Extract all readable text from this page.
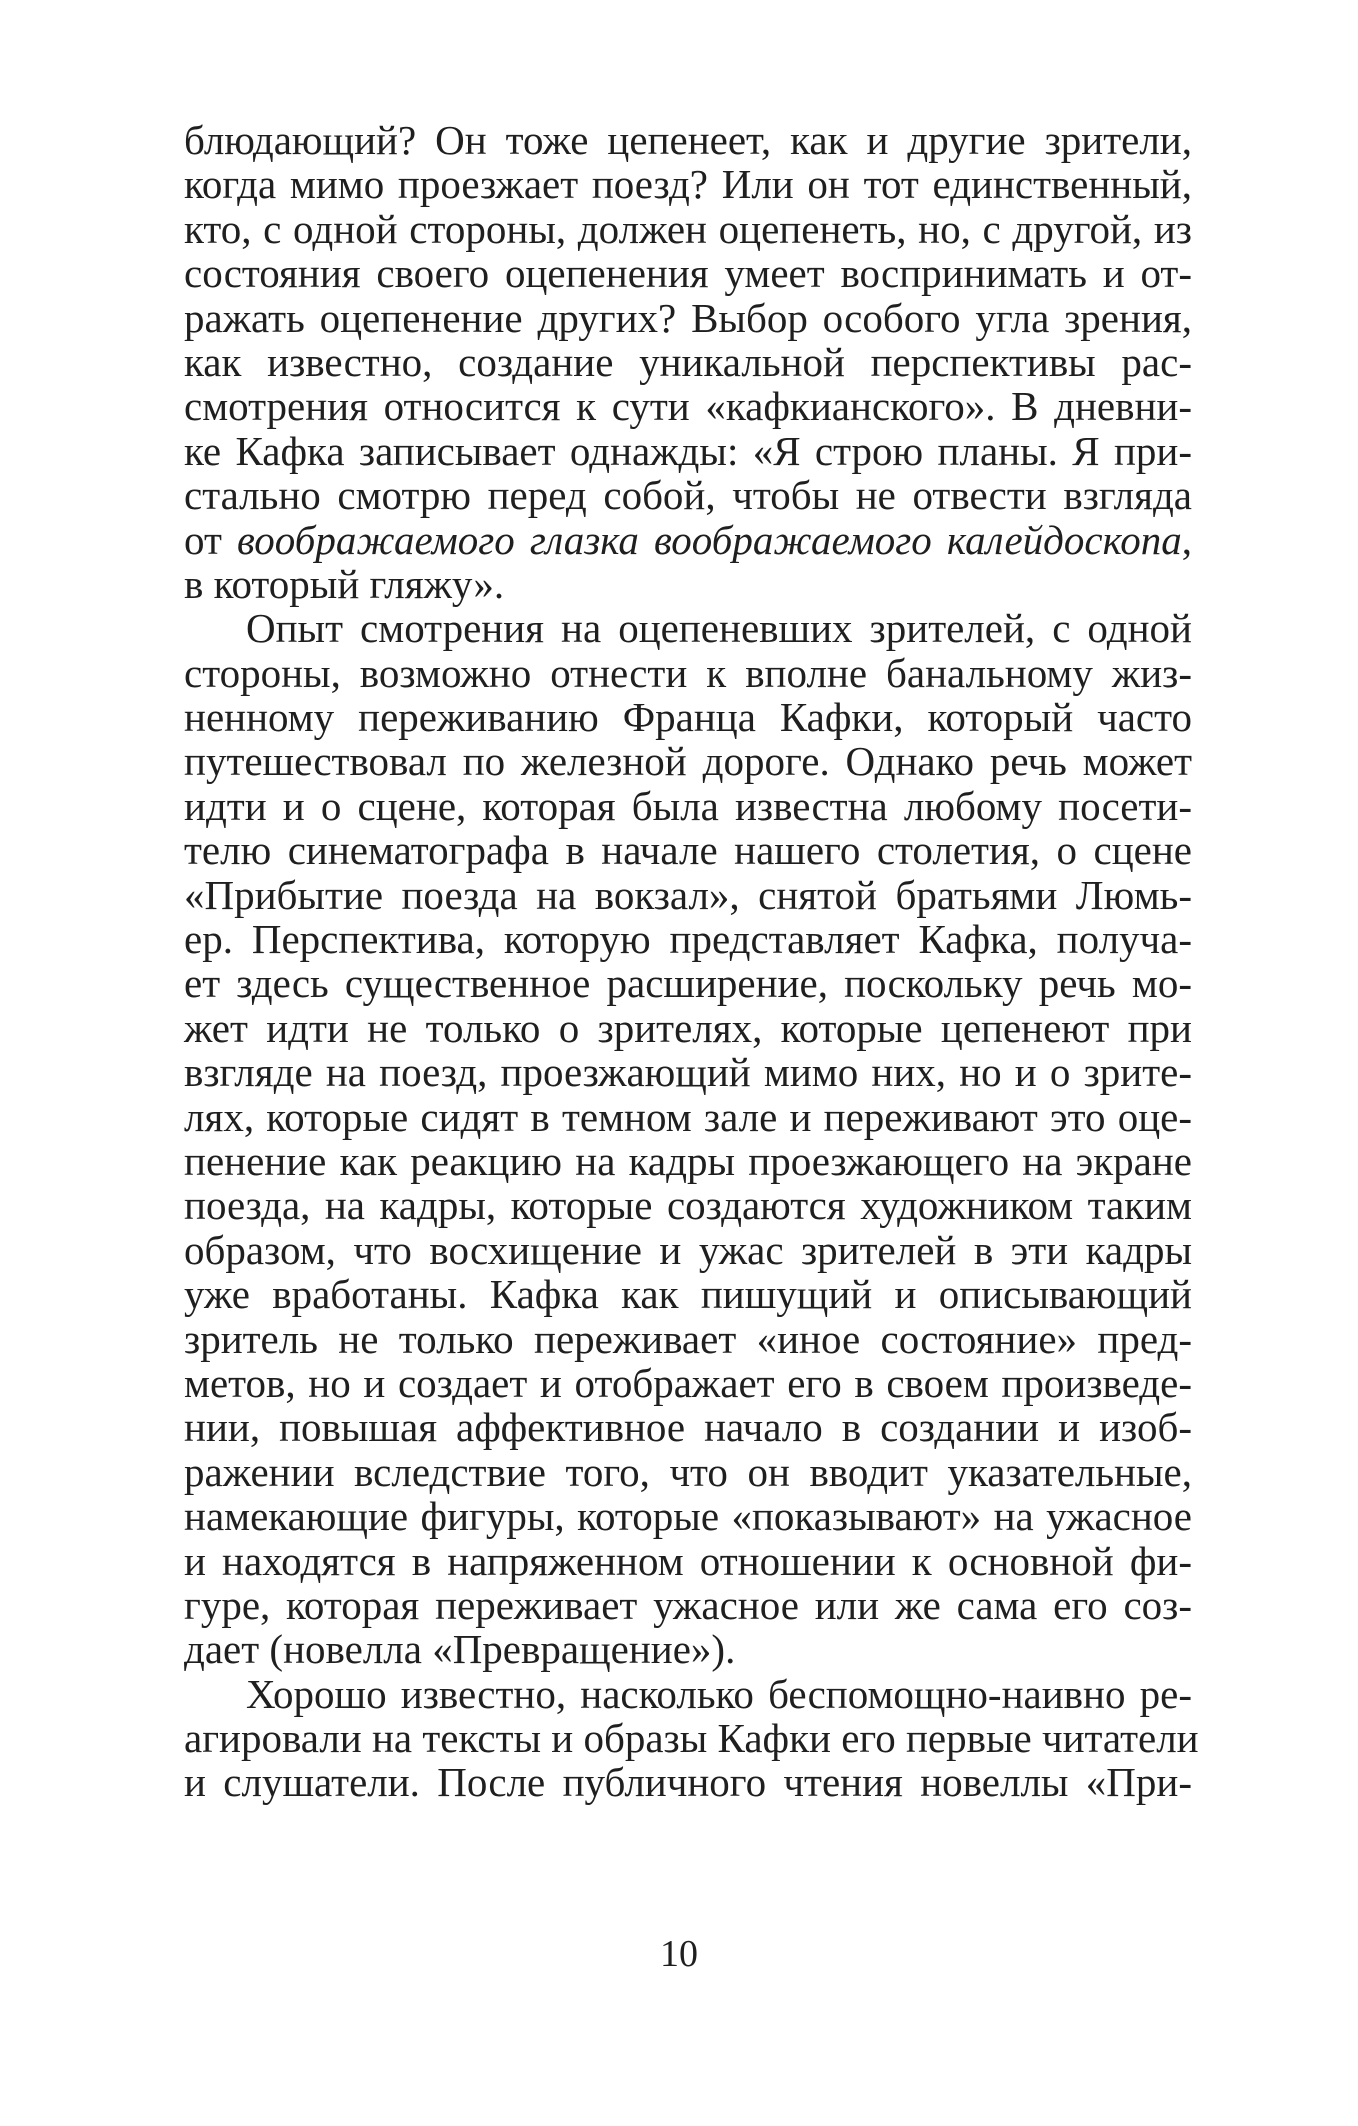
блюдающий? Он тоже цепенеет, как и другие зрители,
когда мимо проезжает поезд? Или он тот единственный,
кто, с одной стороны, должен оцепенеть, но, с другой, из
состояния своего оцепенения умеет воспринимать и от-
ражать оцепенение других? Выбор особого угла зрения,
как известно, создание уникальной перспективы рас-
смотрения относится к сути «кафкианского». В дневни-
ке Кафка записывает однажды: «Я строю планы. Я при-
стально смотрю перед собой, чтобы не отвести взгляда
от воображаемого глазка воображаемого калейдоскопа,
в который гляжу».
Опыт смотрения на оцепеневших зрителей, с одной
стороны, возможно отнести к вполне банальному жиз-
ненному переживанию Франца Кафки, который часто
путешествовал по железной дороге. Однако речь может
идти и о сцене, которая была известна любому посети-
телю синематографа в начале нашего столетия, о сцене
«Прибытие поезда на вокзал», снятой братьями Люмь-
ер. Перспектива, которую представляет Кафка, получа-
ет здесь существенное расширение, поскольку речь мо-
жет идти не только о зрителях, которые цепенеют при
взгляде на поезд, проезжающий мимо них, но и о зрите-
лях, которые сидят в темном зале и переживают это оце-
пенение как реакцию на кадры проезжающего на экране
поезда, на кадры, которые создаются художником таким
образом, что восхищение и ужас зрителей в эти кадры
уже вработаны. Кафка как пишущий и описывающий
зритель не только переживает «иное состояние» пред-
метов, но и создает и отображает его в своем произведе-
нии, повышая аффективное начало в создании и изоб-
ражении вследствие того, что он вводит указательные,
намекающие фигуры, которые «показывают» на ужасное
и находятся в напряженном отношении к основной фи-
гуре, которая переживает ужасное или же сама его соз-
дает (новелла «Превращение»).
Хорошо известно, насколько беспомощно-наивно ре-
агировали на тексты и образы Кафки его первые читатели
и слушатели. После публичного чтения новеллы «При-
10
